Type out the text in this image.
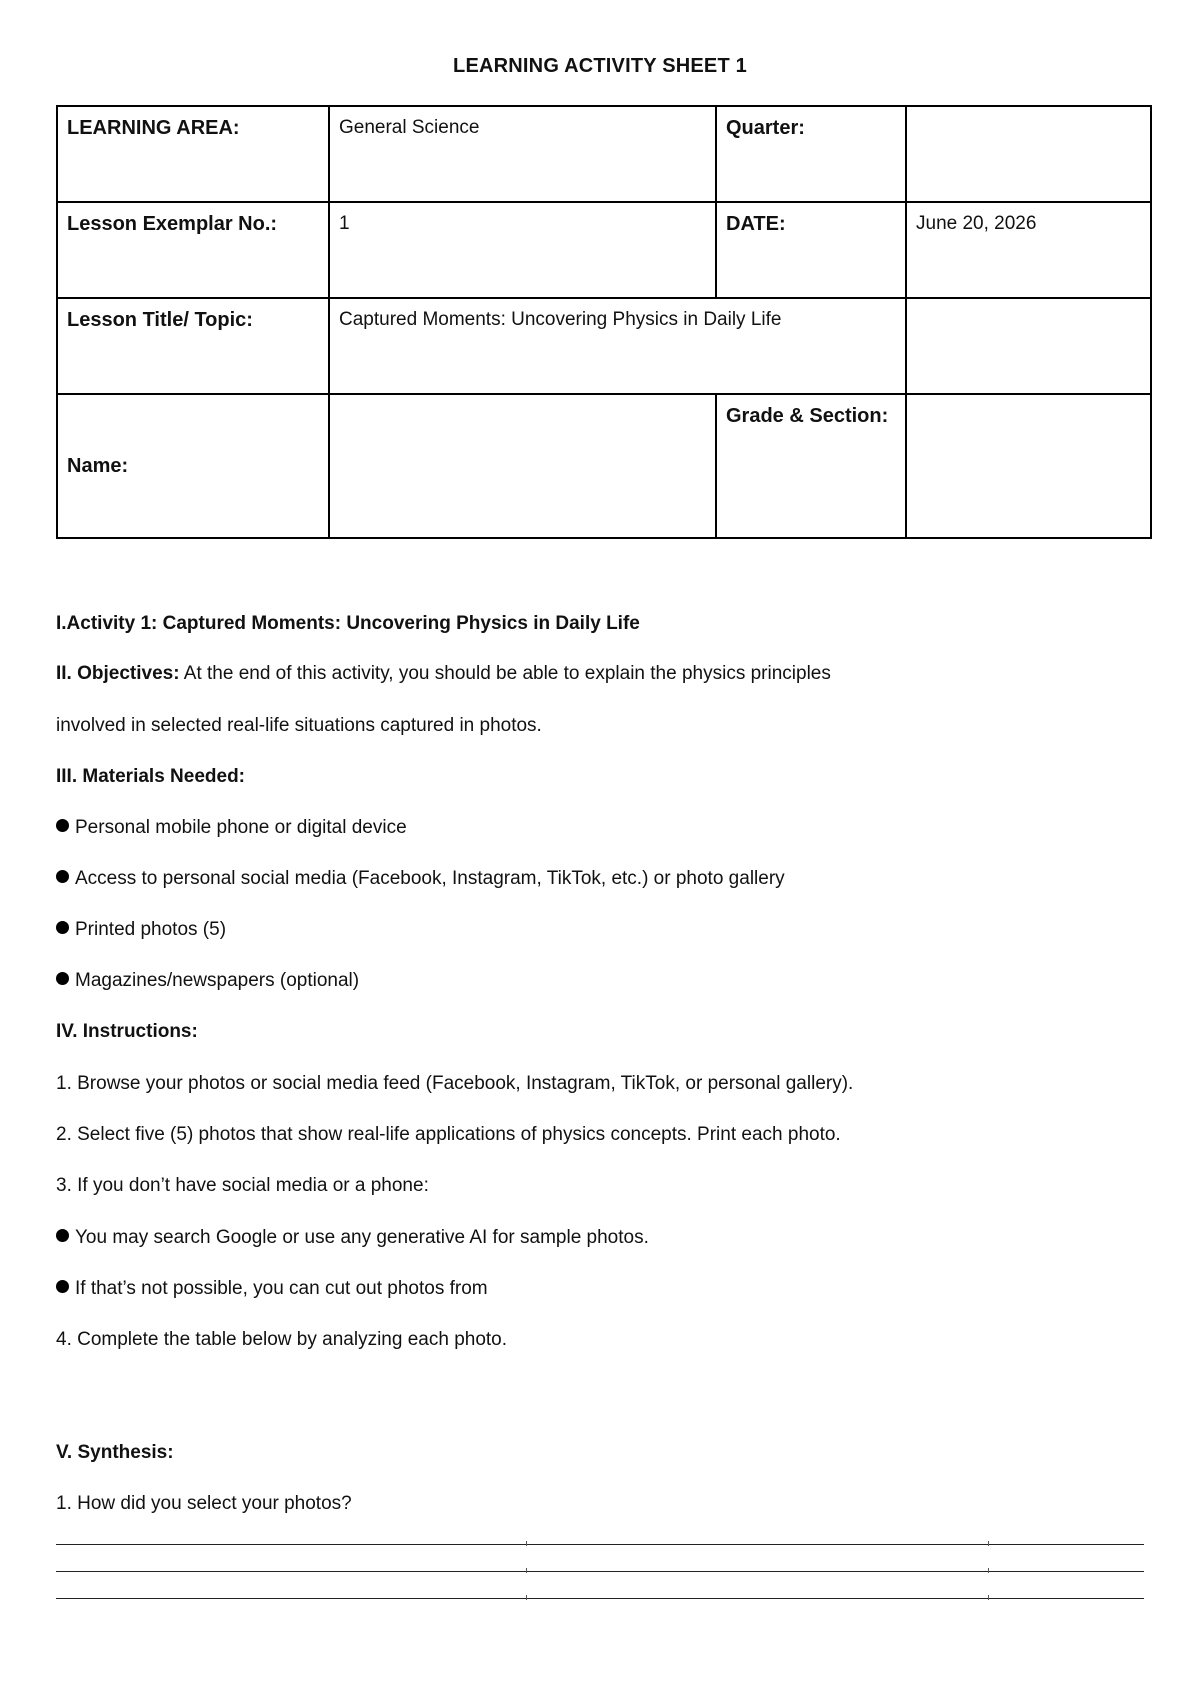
LEARNING ACTIVITY SHEET 1
LEARNING AREA:	General Science	Quarter:	
Lesson Exemplar No.:	1	DATE:	June 20, 2026
Lesson Title/ Topic:	Captured Moments: Uncovering Physics in Daily Life		
Name:		Grade & Section:	
I.Activity 1: Captured Moments: Uncovering Physics in Daily Life
II. Objectives: At the end of this activity, you should be able to explain the physics principles
involved in selected real-life situations captured in photos.
III. Materials Needed:
Personal mobile phone or digital device
Access to personal social media (Facebook, Instagram, TikTok, etc.) or photo gallery
Printed photos (5)
Magazines/newspapers (optional)
IV. Instructions:
1. Browse your photos or social media feed (Facebook, Instagram, TikTok, or personal gallery).
2. Select five (5) photos that show real-life applications of physics concepts. Print each photo.
3. If you don’t have social media or a phone:
You may search Google or use any generative AI for sample photos.
If that’s not possible, you can cut out photos from
4. Complete the table below by analyzing each photo.
V. Synthesis:
1. How did you select your photos?
